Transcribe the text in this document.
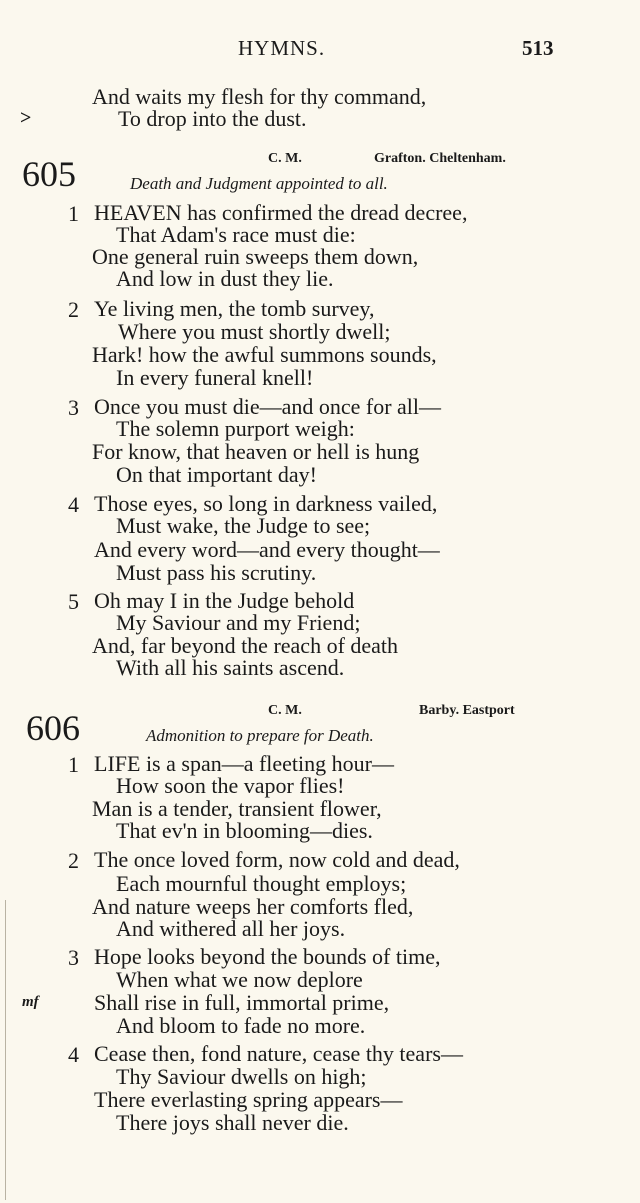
HYMNS.	513
And waits my flesh for thy command,
>	To drop into the dust.
605	C. M.	Grafton. Cheltenham.
Death and Judgment appointed to all.
1 HEAVEN has confirmed the dread decree,
That Adam's race must die:
One general ruin sweeps them down,
And low in dust they lie.
2 Ye living men, the tomb survey,
Where you must shortly dwell;
Hark! how the awful summons sounds,
In every funeral knell!
3 Once you must die—and once for all—
The solemn purport weigh:
For know, that heaven or hell is hung
On that important day!
4 Those eyes, so long in darkness vailed,
Must wake, the Judge to see;
And every word—and every thought—
Must pass his scrutiny.
5 Oh may I in the Judge behold
My Saviour and my Friend;
And, far beyond the reach of death
With all his saints ascend.
606	C. M.	Barby. Eastport
Admonition to prepare for Death.
1 LIFE is a span—a fleeting hour—
How soon the vapor flies!
Man is a tender, transient flower,
That ev'n in blooming—dies.
2 The once loved form, now cold and dead,
Each mournful thought employs;
And nature weeps her comforts fled,
And withered all her joys.
3 Hope looks beyond the bounds of time,
When what we now deplore
mf	Shall rise in full, immortal prime,
And bloom to fade no more.
4 Cease then, fond nature, cease thy tears—
Thy Saviour dwells on high;
There everlasting spring appears—
There joys shall never die.
